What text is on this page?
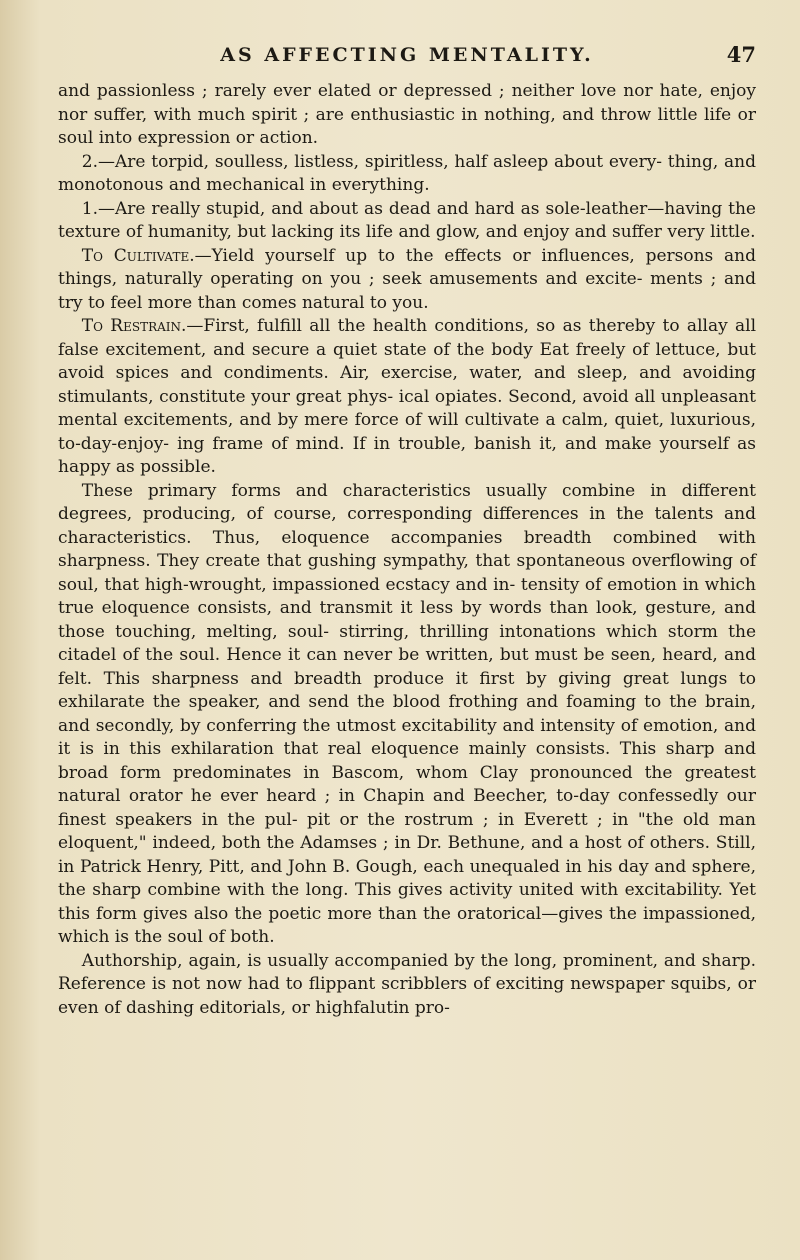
AS AFFECTING MENTALITY.	47

and passionless ; rarely ever elated or depressed ; neither love nor hate, enjoy nor suffer, with much spirit ; are enthusiastic in nothing, and throw little life or soul into expression or action.

2.—Are torpid, soulless, listless, spiritless, half asleep about every- thing, and monotonous and mechanical in everything.

1.—Are really stupid, and about as dead and hard as sole-leather—having the texture of humanity, but lacking its life and glow, and enjoy and suffer very little.

To Cultivate.—Yield yourself up to the effects or influences, persons and things, naturally operating on you ; seek amusements and excite- ments ; and try to feel more than comes natural to you.

To Restrain.—First, fulfill all the health conditions, so as thereby to allay all false excitement, and secure a quiet state of the body Eat freely of lettuce, but avoid spices and condiments. Air, exercise, water, and sleep, and avoiding stimulants, constitute your great phys- ical opiates. Second, avoid all unpleasant mental excitements, and by mere force of will cultivate a calm, quiet, luxurious, to-day-enjoy- ing frame of mind. If in trouble, banish it, and make yourself as happy as possible.

These primary forms and characteristics usually combine in different degrees, producing, of course, corresponding differences in the talents and characteristics. Thus, eloquence accompanies breadth combined with sharpness. They create that gushing sympathy, that spontaneous overflowing of soul, that high-wrought, impassioned ecstacy and in- tensity of emotion in which true eloquence consists, and transmit it less by words than look, gesture, and those touching, melting, soul- stirring, thrilling intonations which storm the citadel of the soul. Hence it can never be written, but must be seen, heard, and felt. This sharpness and breadth produce it first by giving great lungs to exhilarate the speaker, and send the blood frothing and foaming to the brain, and secondly, by conferring the utmost excitability and intensity of emotion, and it is in this exhilaration that real eloquence mainly consists. This sharp and broad form predominates in Bascom, whom Clay pronounced the greatest natural orator he ever heard ; in Chapin and Beecher, to-day confessedly our finest speakers in the pul- pit or the rostrum ; in Everett ; in "the old man eloquent," indeed, both the Adamses ; in Dr. Bethune, and a host of others. Still, in Patrick Henry, Pitt, and John B. Gough, each unequaled in his day and sphere, the sharp combine with the long. This gives activity united with excitability. Yet this form gives also the poetic more than the oratorical—gives the impassioned, which is the soul of both.

Authorship, again, is usually accompanied by the long, prominent, and sharp. Reference is not now had to flippant scribblers of exciting newspaper squibs, or even of dashing editorials, or highfalutin pro-
